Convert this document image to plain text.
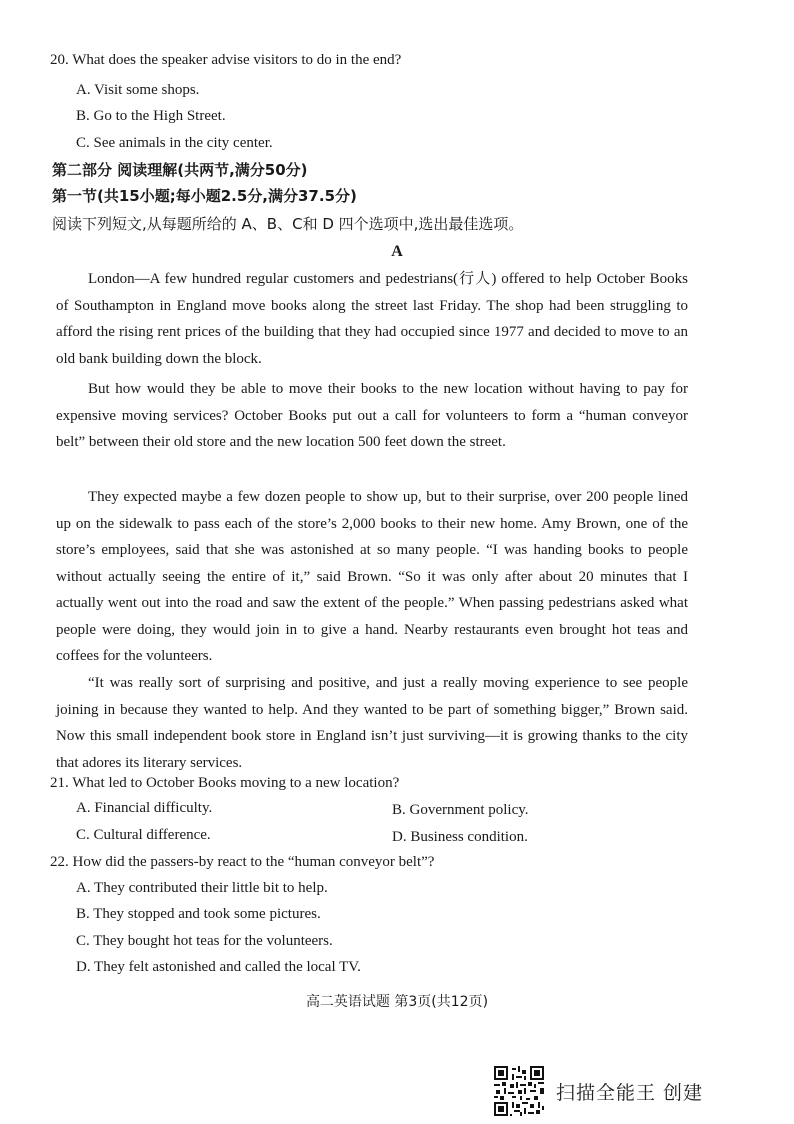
20. What does the speaker advise visitors to do in the end?
A. Visit some shops.
B. Go to the High Street.
C. See animals in the city center.
第二部分 阅读理解(共两节,满分50分)
第一节(共15小题;每小题2.5分,满分37.5分)
阅读下列短文,从每题所给的 A、B、C和 D 四个选项中,选出最佳选项。
A
London—A few hundred regular customers and pedestrians(行人) offered to help October Books of Southampton in England move books along the street last Friday. The shop had been struggling to afford the rising rent prices of the building that they had occupied since 1977 and decided to move to an old bank building down the block.
But how would they be able to move their books to the new location without having to pay for expensive moving services? October Books put out a call for volunteers to form a “human conveyor belt” between their old store and the new location 500 feet down the street.
They expected maybe a few dozen people to show up, but to their surprise, over 200 people lined up on the sidewalk to pass each of the store’s 2,000 books to their new home. Amy Brown, one of the store’s employees, said that she was astonished at so many people. “I was handing books to people without actually seeing the entire of it,” said Brown. “So it was only after about 20 minutes that I actually went out into the road and saw the extent of the people.” When passing pedestrians asked what people were doing, they would join in to give a hand. Nearby restaurants even brought hot teas and coffees for the volunteers.
“It was really sort of surprising and positive, and just a really moving experience to see people joining in because they wanted to help. And they wanted to be part of something bigger,” Brown said. Now this small independent book store in England isn’t just surviving—it is growing thanks to the city that adores its literary services.
21. What led to October Books moving to a new location?
A. Financial difficulty.	B. Government policy.
C. Cultural difference.	D. Business condition.
22. How did the passers-by react to the “human conveyor belt”?
A. They contributed their little bit to help.
B. They stopped and took some pictures.
C. They bought hot teas for the volunteers.
D. They felt astonished and called the local TV.
高二英语试题 第3页(共12页)
扫描全能王 创建
